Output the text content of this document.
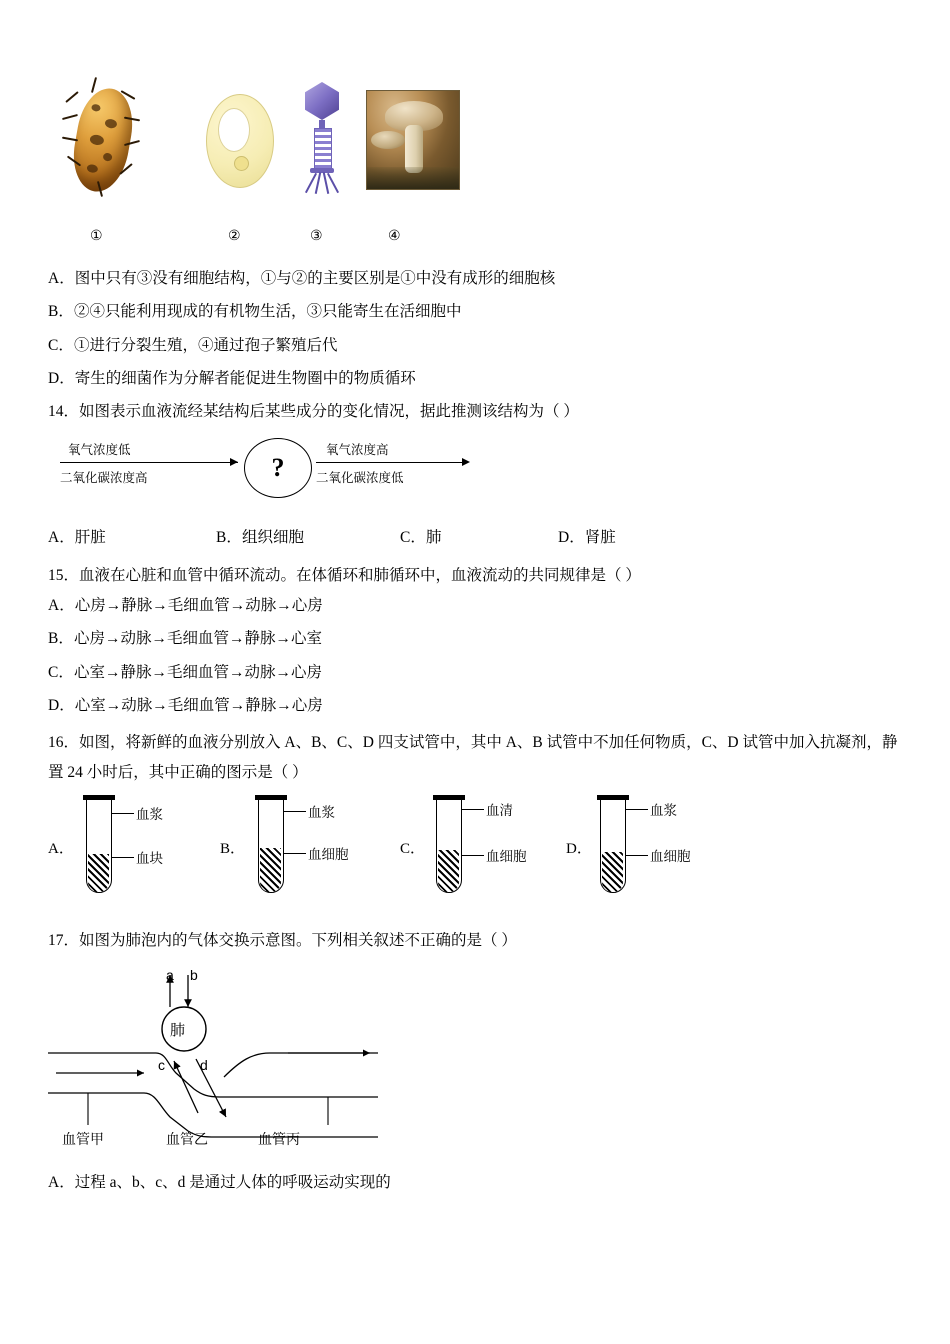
①	②	③	④
A．图中只有③没有细胞结构，①与②的主要区别是①中没有成形的细胞核
B．②④只能利用现成的有机物生活，③只能寄生在活细胞中
C．①进行分裂生殖，④通过孢子繁殖后代
D．寄生的细菌作为分解者能促进生物圈中的物质循环

14．如图表示血液流经某结构后某些成分的变化情况，据此推测该结构为（ ）

氧气浓度低
二氧化碳浓度高	?
氧气浓度高
二氧化碳浓度低
A．肝脏	B．组织细胞	C．肺	D．肾脏

15．血液在心脏和血管中循环流动。在体循环和肺循环中，血液流动的共同规律是（ ）

A．心房→静脉→毛细血管→动脉→心房
B．心房→动脉→毛细血管→静脉→心室
C．心室→静脉→毛细血管→动脉→心房
D．心室→动脉→毛细血管→静脉→心房

16．如图，将新鲜的血液分别放入 A、B、C、D 四支试管中，其中 A、B 试管中不加任何物质，C、D 试管中加入抗凝剂，静

置 24 小时后，其中正确的图示是（ ）

A．
血浆
血块
B．
血浆
血细胞	C．
血清
血细胞	D．
血浆
血细胞

17．如图为肺泡内的气体交换示意图。下列相关叙述不正确的是（ ）

a b
c	d
肺
血管甲	血管乙	血管丙
A．过程 a、b、c、d 是通过人体的呼吸运动实现的
